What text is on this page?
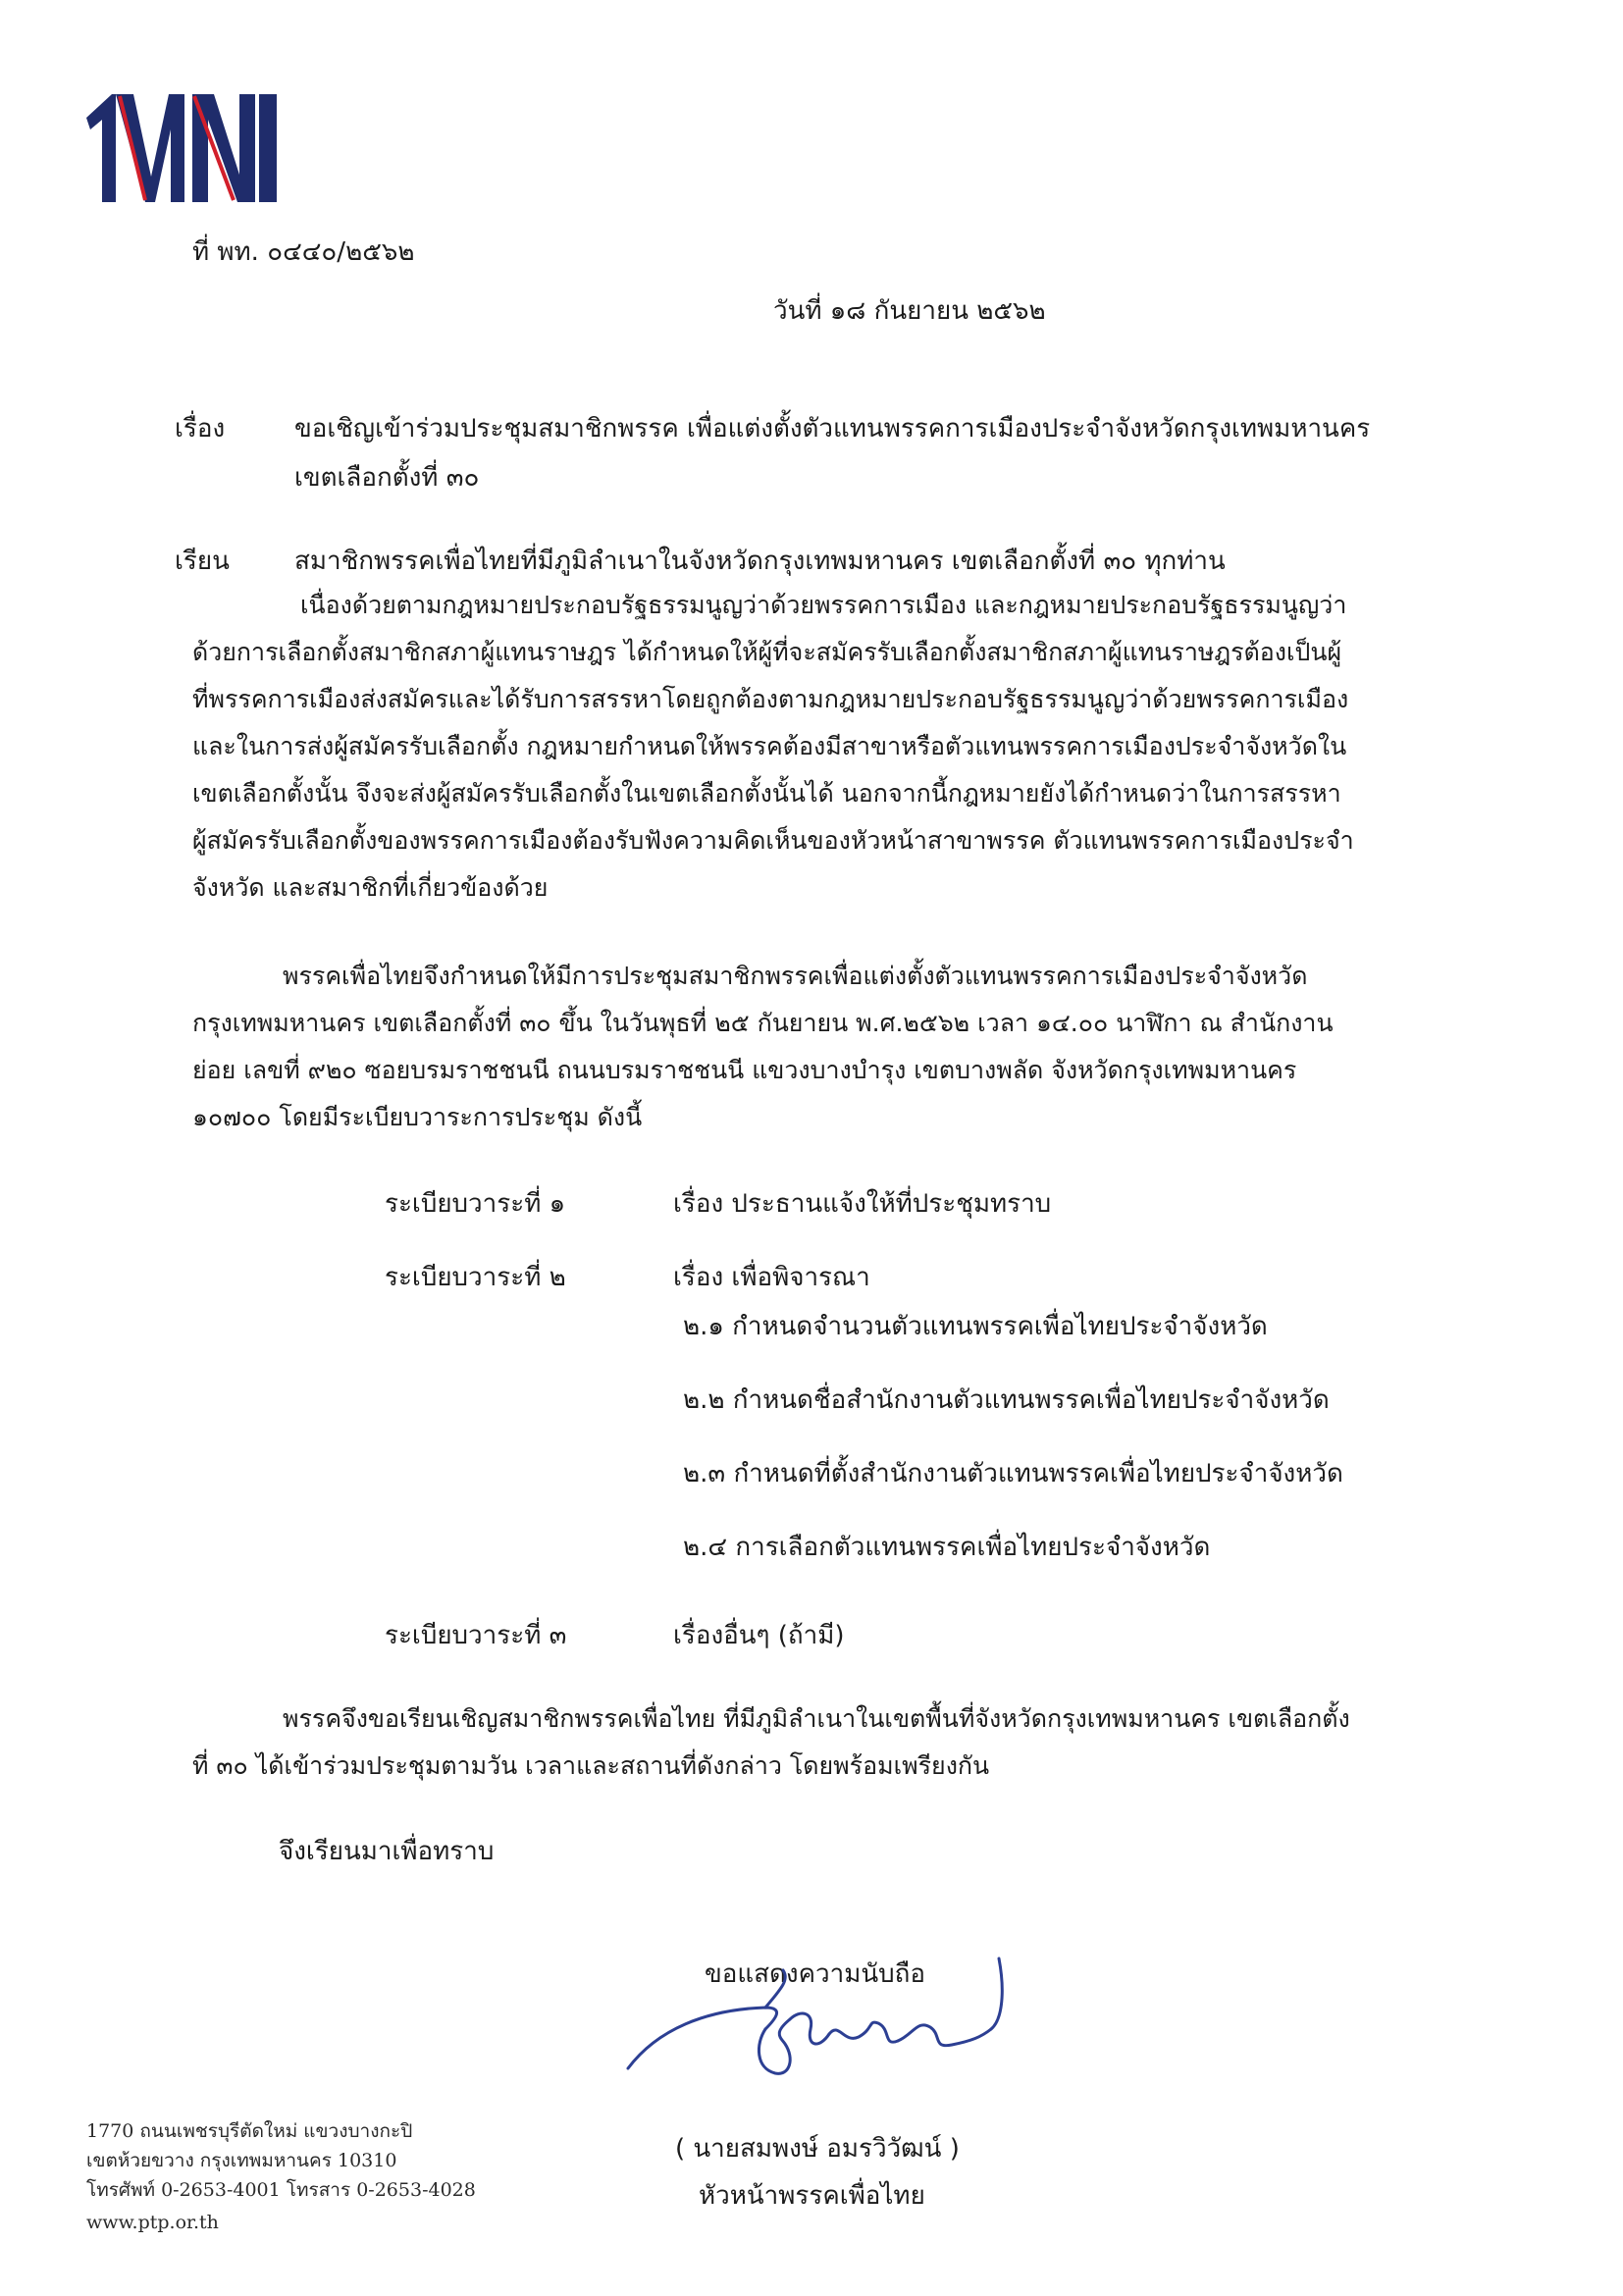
ที่ พท. ๐๔๔๐/๒๕๖๒
วันที่ ๑๘ กันยายน ๒๕๖๒
เรื่อง	ขอเชิญเข้าร่วมประชุมสมาชิกพรรค เพื่อแต่งตั้งตัวแทนพรรคการเมืองประจำจังหวัดกรุงเทพมหานคร
เขตเลือกตั้งที่ ๓๐
เรียน	สมาชิกพรรคเพื่อไทยที่มีภูมิลำเนาในจังหวัดกรุงเทพมหานคร เขตเลือกตั้งที่ ๓๐ ทุกท่าน
เนื่องด้วยตามกฎหมายประกอบรัฐธรรมนูญว่าด้วยพรรคการเมือง และกฎหมายประกอบรัฐธรรมนูญว่า
ด้วยการเลือกตั้งสมาชิกสภาผู้แทนราษฎร ได้กำหนดให้ผู้ที่จะสมัครรับเลือกตั้งสมาชิกสภาผู้แทนราษฎรต้องเป็นผู้
ที่พรรคการเมืองส่งสมัครและได้รับการสรรหาโดยถูกต้องตามกฎหมายประกอบรัฐธรรมนูญว่าด้วยพรรคการเมือง
และในการส่งผู้สมัครรับเลือกตั้ง กฎหมายกำหนดให้พรรคต้องมีสาขาหรือตัวแทนพรรคการเมืองประจำจังหวัดใน
เขตเลือกตั้งนั้น จึงจะส่งผู้สมัครรับเลือกตั้งในเขตเลือกตั้งนั้นได้ นอกจากนี้กฎหมายยังได้กำหนดว่าในการสรรหา
ผู้สมัครรับเลือกตั้งของพรรคการเมืองต้องรับฟังความคิดเห็นของหัวหน้าสาขาพรรค ตัวแทนพรรคการเมืองประจำ
จังหวัด และสมาชิกที่เกี่ยวข้องด้วย
พรรคเพื่อไทยจึงกำหนดให้มีการประชุมสมาชิกพรรคเพื่อแต่งตั้งตัวแทนพรรคการเมืองประจำจังหวัด
กรุงเทพมหานคร เขตเลือกตั้งที่ ๓๐ ขึ้น ในวันพุธที่ ๒๕ กันยายน พ.ศ.๒๕๖๒ เวลา ๑๔.๐๐ นาฬิกา ณ สำนักงาน
ย่อย เลขที่ ๙๒๐ ซอยบรมราชชนนี ถนนบรมราชชนนี แขวงบางบำรุง เขตบางพลัด จังหวัดกรุงเทพมหานคร
๑๐๗๐๐ โดยมีระเบียบวาระการประชุม ดังนี้
ระเบียบวาระที่ ๑	เรื่อง ประธานแจ้งให้ที่ประชุมทราบ
ระเบียบวาระที่ ๒	เรื่อง เพื่อพิจารณา
๒.๑ กำหนดจำนวนตัวแทนพรรคเพื่อไทยประจำจังหวัด
๒.๒ กำหนดชื่อสำนักงานตัวแทนพรรคเพื่อไทยประจำจังหวัด
๒.๓ กำหนดที่ตั้งสำนักงานตัวแทนพรรคเพื่อไทยประจำจังหวัด
๒.๔ การเลือกตัวแทนพรรคเพื่อไทยประจำจังหวัด
ระเบียบวาระที่ ๓	เรื่องอื่นๆ (ถ้ามี)
พรรคจึงขอเรียนเชิญสมาชิกพรรคเพื่อไทย ที่มีภูมิลำเนาในเขตพื้นที่จังหวัดกรุงเทพมหานคร เขตเลือกตั้ง
ที่ ๓๐ ได้เข้าร่วมประชุมตามวัน เวลาและสถานที่ดังกล่าว โดยพร้อมเพรียงกัน
จึงเรียนมาเพื่อทราบ
ขอแสดงความนับถือ
( นายสมพงษ์ อมรวิวัฒน์ )
หัวหน้าพรรคเพื่อไทย
1770 ถนนเพชรบุรีตัดใหม่ แขวงบางกะปิ
เขตห้วยขวาง กรุงเทพมหานคร 10310
โทรศัพท์ 0-2653-4001 โทรสาร 0-2653-4028
www.ptp.or.th
